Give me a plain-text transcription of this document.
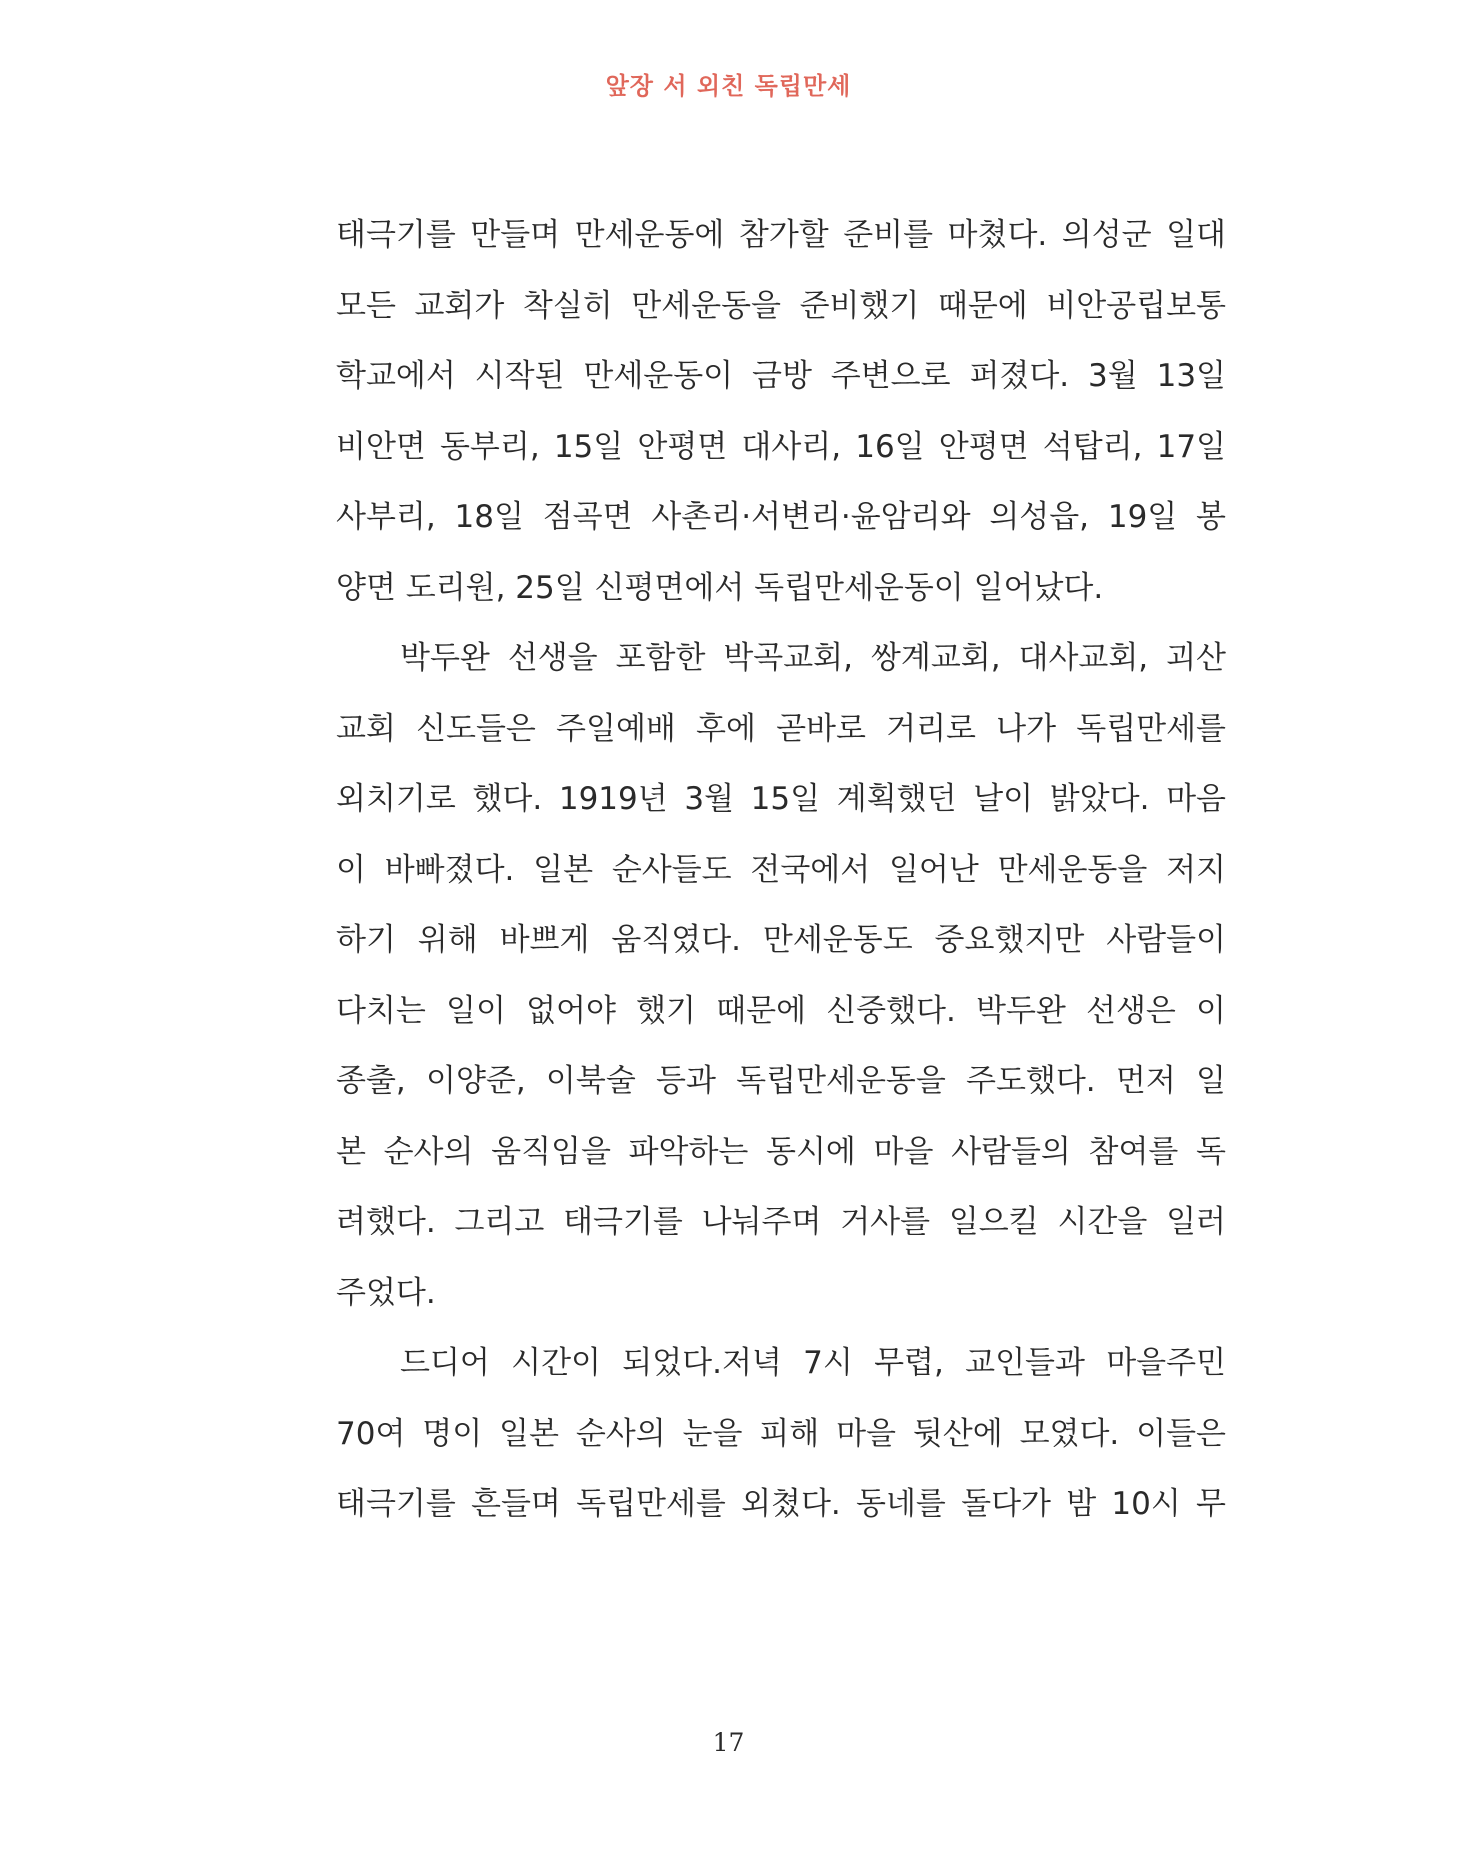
앞장 서 외친 독립만세
태극기를 만들며 만세운동에 참가할 준비를 마쳤다. 의성군 일대
모든 교회가 착실히 만세운동을 준비했기 때문에 비안공립보통
학교에서 시작된 만세운동이 금방 주변으로 퍼졌다. 3월 13일
비안면 동부리, 15일 안평면 대사리, 16일 안평면 석탑리, 17일
사부리, 18일 점곡면 사촌리·서변리·윤암리와 의성읍, 19일 봉
양면 도리원, 25일 신평면에서 독립만세운동이 일어났다.
박두완 선생을 포함한 박곡교회, 쌍계교회, 대사교회, 괴산
교회 신도들은 주일예배 후에 곧바로 거리로 나가 독립만세를
외치기로 했다. 1919년 3월 15일 계획했던 날이 밝았다. 마음
이 바빠졌다. 일본 순사들도 전국에서 일어난 만세운동을 저지
하기 위해 바쁘게 움직였다. 만세운동도 중요했지만 사람들이
다치는 일이 없어야 했기 때문에 신중했다. 박두완 선생은 이
종출, 이양준, 이북술 등과 독립만세운동을 주도했다. 먼저 일
본 순사의 움직임을 파악하는 동시에 마을 사람들의 참여를 독
려했다. 그리고 태극기를 나눠주며 거사를 일으킬 시간을 일러
주었다.
드디어 시간이 되었다.저녁 7시 무렵, 교인들과 마을주민
70여 명이 일본 순사의 눈을 피해 마을 뒷산에 모였다. 이들은
태극기를 흔들며 독립만세를 외쳤다. 동네를 돌다가 밤 10시 무
17
